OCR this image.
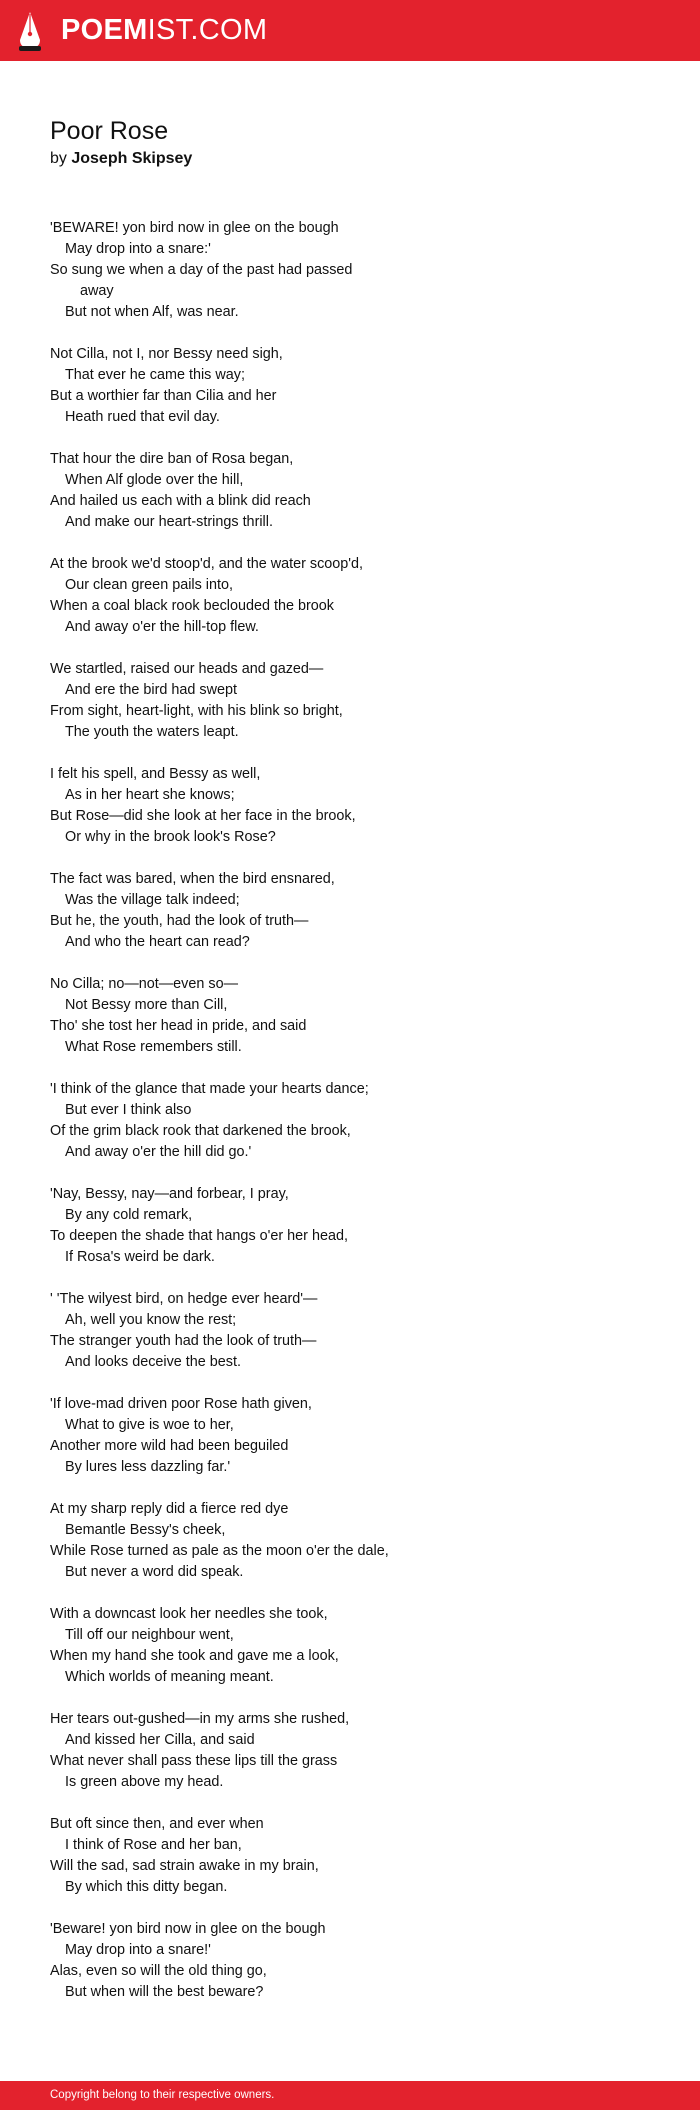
POEMIST.COM
Poor Rose
by Joseph Skipsey

'BEWARE! yon bird now in glee on the bough
May drop into a snare:'
So sung we when a day of the past had passed
away
But not when Alf, was near.

Not Cilla, not I, nor Bessy need sigh,
That ever he came this way;
But a worthier far than Cilia and her
Heath rued that evil day.

That hour the dire ban of Rosa began,
When Alf glode over the hill,
And hailed us each with a blink did reach
And make our heart-strings thrill.

At the brook we'd stoop'd, and the water scoop'd,
Our clean green pails into,
When a coal black rook beclouded the brook
And away o'er the hill-top flew.

We startled, raised our heads and gazed—
And ere the bird had swept
From sight, heart-light, with his blink so bright,
The youth the waters leapt.

I felt his spell, and Bessy as well,
As in her heart she knows;
But Rose—did she look at her face in the brook,
Or why in the brook look's Rose?

The fact was bared, when the bird ensnared,
Was the village talk indeed;
But he, the youth, had the look of truth—
And who the heart can read?

No Cilla; no—not—even so—
Not Bessy more than Cill,
Tho' she tost her head in pride, and said
What Rose remembers still.

'I think of the glance that made your hearts dance;
But ever I think also
Of the grim black rook that darkened the brook,
And away o'er the hill did go.'

'Nay, Bessy, nay—and forbear, I pray,
By any cold remark,
To deepen the shade that hangs o'er her head,
If Rosa's weird be dark.

' 'The wilyest bird, on hedge ever heard'—
Ah, well you know the rest;
The stranger youth had the look of truth—
And looks deceive the best.

'If love-mad driven poor Rose hath given,
What to give is woe to her,
Another more wild had been beguiled
By lures less dazzling far.'

At my sharp reply did a fierce red dye
Bemantle Bessy's cheek,
While Rose turned as pale as the moon o'er the dale,
But never a word did speak.

With a downcast look her needles she took,
Till off our neighbour went,
When my hand she took and gave me a look,
Which worlds of meaning meant.

Her tears out-gushed—in my arms she rushed,
And kissed her Cilla, and said
What never shall pass these lips till the grass
Is green above my head.

But oft since then, and ever when
I think of Rose and her ban,
Will the sad, sad strain awake in my brain,
By which this ditty began.

'Beware! yon bird now in glee on the bough
May drop into a snare!'
Alas, even so will the old thing go,
But when will the best beware?

Copyright belong to their respective owners.
